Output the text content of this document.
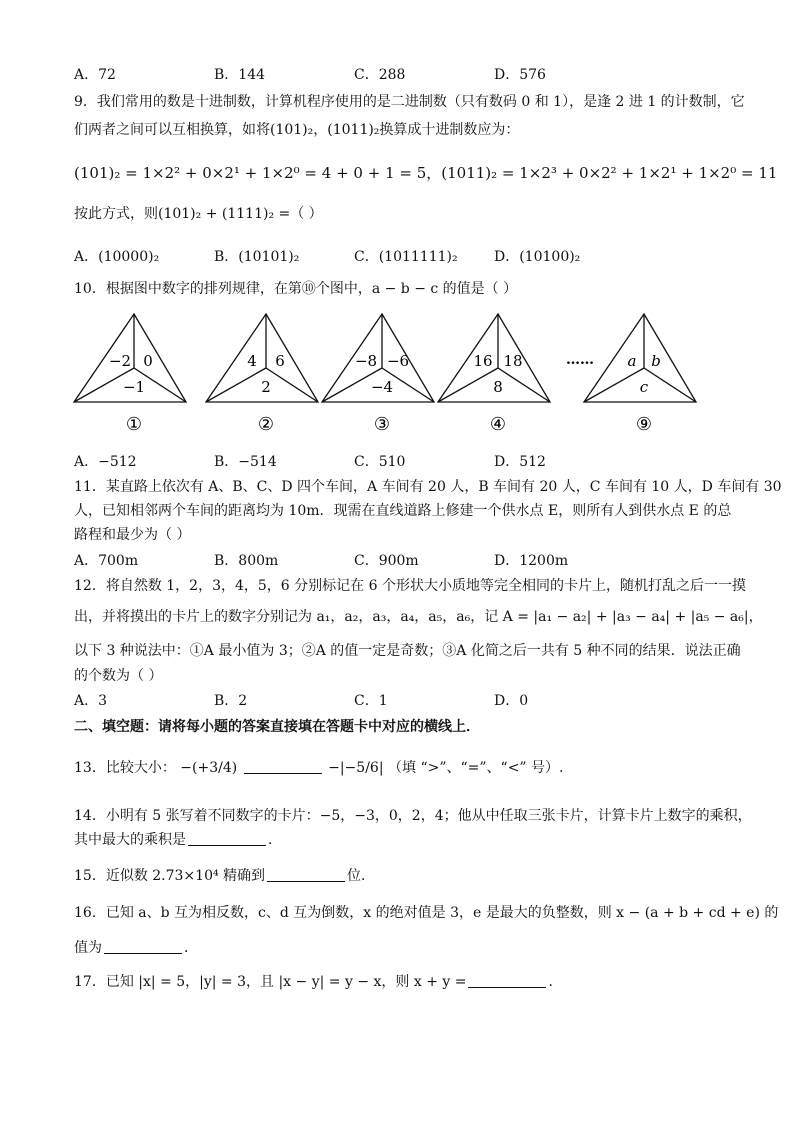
A．72	B．144	C．288	D．576
9．我们常用的数是十进制数，计算机程序使用的是二进制数（只有数码 0 和 1），是逢 2 进 1 的计数制，它
们两者之间可以互相换算，如将(101)₂，(1011)₂换算成十进制数应为：
(101)₂ = 1×2² + 0×2¹ + 1×2⁰ = 4 + 0 + 1 = 5，(1011)₂ = 1×2³ + 0×2² + 1×2¹ + 1×2⁰ = 11
按此方式，则(101)₂ + (1111)₂ =（ ）
A．(10000)₂	B．(10101)₂	C．(1011111)₂	D．(10100)₂
10．根据图中数字的排列规律，在第⑩个图中，a − b − c 的值是（ ）
−2 0
−1
①
4 6
2
②
−8 −6
−4
③
16 18
8
④
…… a b
c
⑨
A．−512	B．−514	C．510	D．512
11．某直路上依次有 A、B、C、D 四个车间，A 车间有 20 人，B 车间有 20 人，C 车间有 10 人，D 车间有 30
人，已知相邻两个车间的距离均为 10m．现需在直线道路上修建一个供水点 E，则所有人到供水点 E 的总
路程和最少为（ ）
A．700m	B．800m	C．900m	D．1200m
12．将自然数 1，2，3，4，5，6 分别标记在 6 个形状大小质地等完全相同的卡片上，随机打乱之后一一摸
出，并将摸出的卡片上的数字分别记为 a₁，a₂，a₃，a₄，a₅，a₆，记 A = |a₁ − a₂| + |a₃ − a₄| + |a₅ − a₆|，
以下 3 种说法中：①A 最小值为 3；②A 的值一定是奇数；③A 化简之后一共有 5 种不同的结果．说法正确
的个数为（ ）
A．3	B．2	C．1	D．0
二、填空题：请将每小题的答案直接填在答题卡中对应的横线上．
13．比较大小： −(+3/4)	−|−5/6| （填 “>”、“=”、“<” 号）.
14．小明有 5 张写着不同数字的卡片：−5，−3，0，2，4；他从中任取三张卡片，计算卡片上数字的乘积，
其中最大的乘积是	．
15．近似数 2.73×10⁴ 精确到	位．
16．已知 a、b 互为相反数，c、d 互为倒数，x 的绝对值是 3，e 是最大的负整数，则 x − (a + b + cd + e) 的
值为	．
17．已知 |x| = 5，|y| = 3，且 |x − y| = y − x，则 x + y =	．
